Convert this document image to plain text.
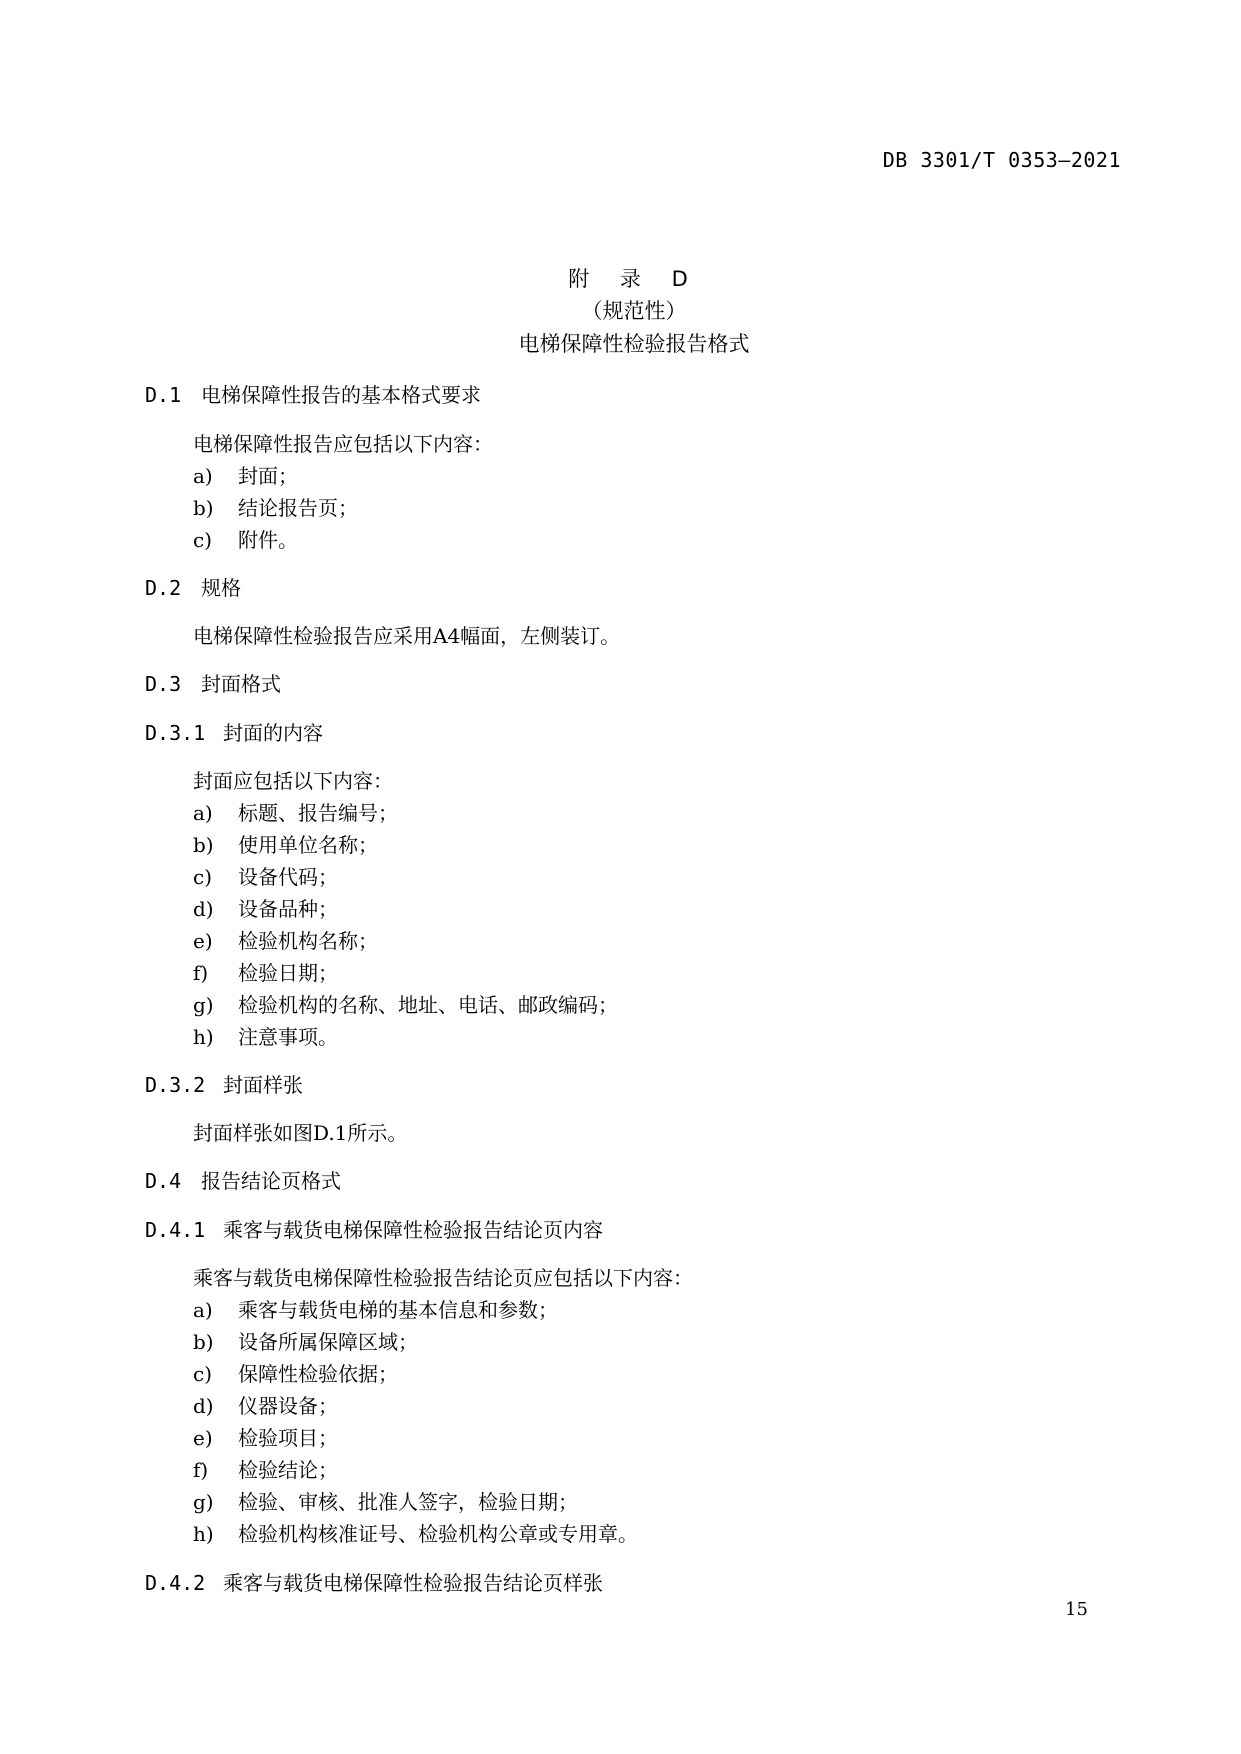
DB 3301/T 0353—2021
附 录 D
（规范性）
电梯保障性检验报告格式
D.1 电梯保障性报告的基本格式要求
电梯保障性报告应包括以下内容：
a) 封面；
b) 结论报告页；
c) 附件。
D.2 规格
电梯保障性检验报告应采用A4幅面，左侧装订。
D.3 封面格式
D.3.1 封面的内容
封面应包括以下内容：
a) 标题、报告编号；
b) 使用单位名称；
c) 设备代码；
d) 设备品种；
e) 检验机构名称；
f) 检验日期；
g) 检验机构的名称、地址、电话、邮政编码；
h) 注意事项。
D.3.2 封面样张
封面样张如图D.1所示。
D.4 报告结论页格式
D.4.1 乘客与载货电梯保障性检验报告结论页内容
乘客与载货电梯保障性检验报告结论页应包括以下内容：
a) 乘客与载货电梯的基本信息和参数；
b) 设备所属保障区域；
c) 保障性检验依据；
d) 仪器设备；
e) 检验项目；
f) 检验结论；
g) 检验、审核、批准人签字，检验日期；
h) 检验机构核准证号、检验机构公章或专用章。
D.4.2 乘客与载货电梯保障性检验报告结论页样张
15
